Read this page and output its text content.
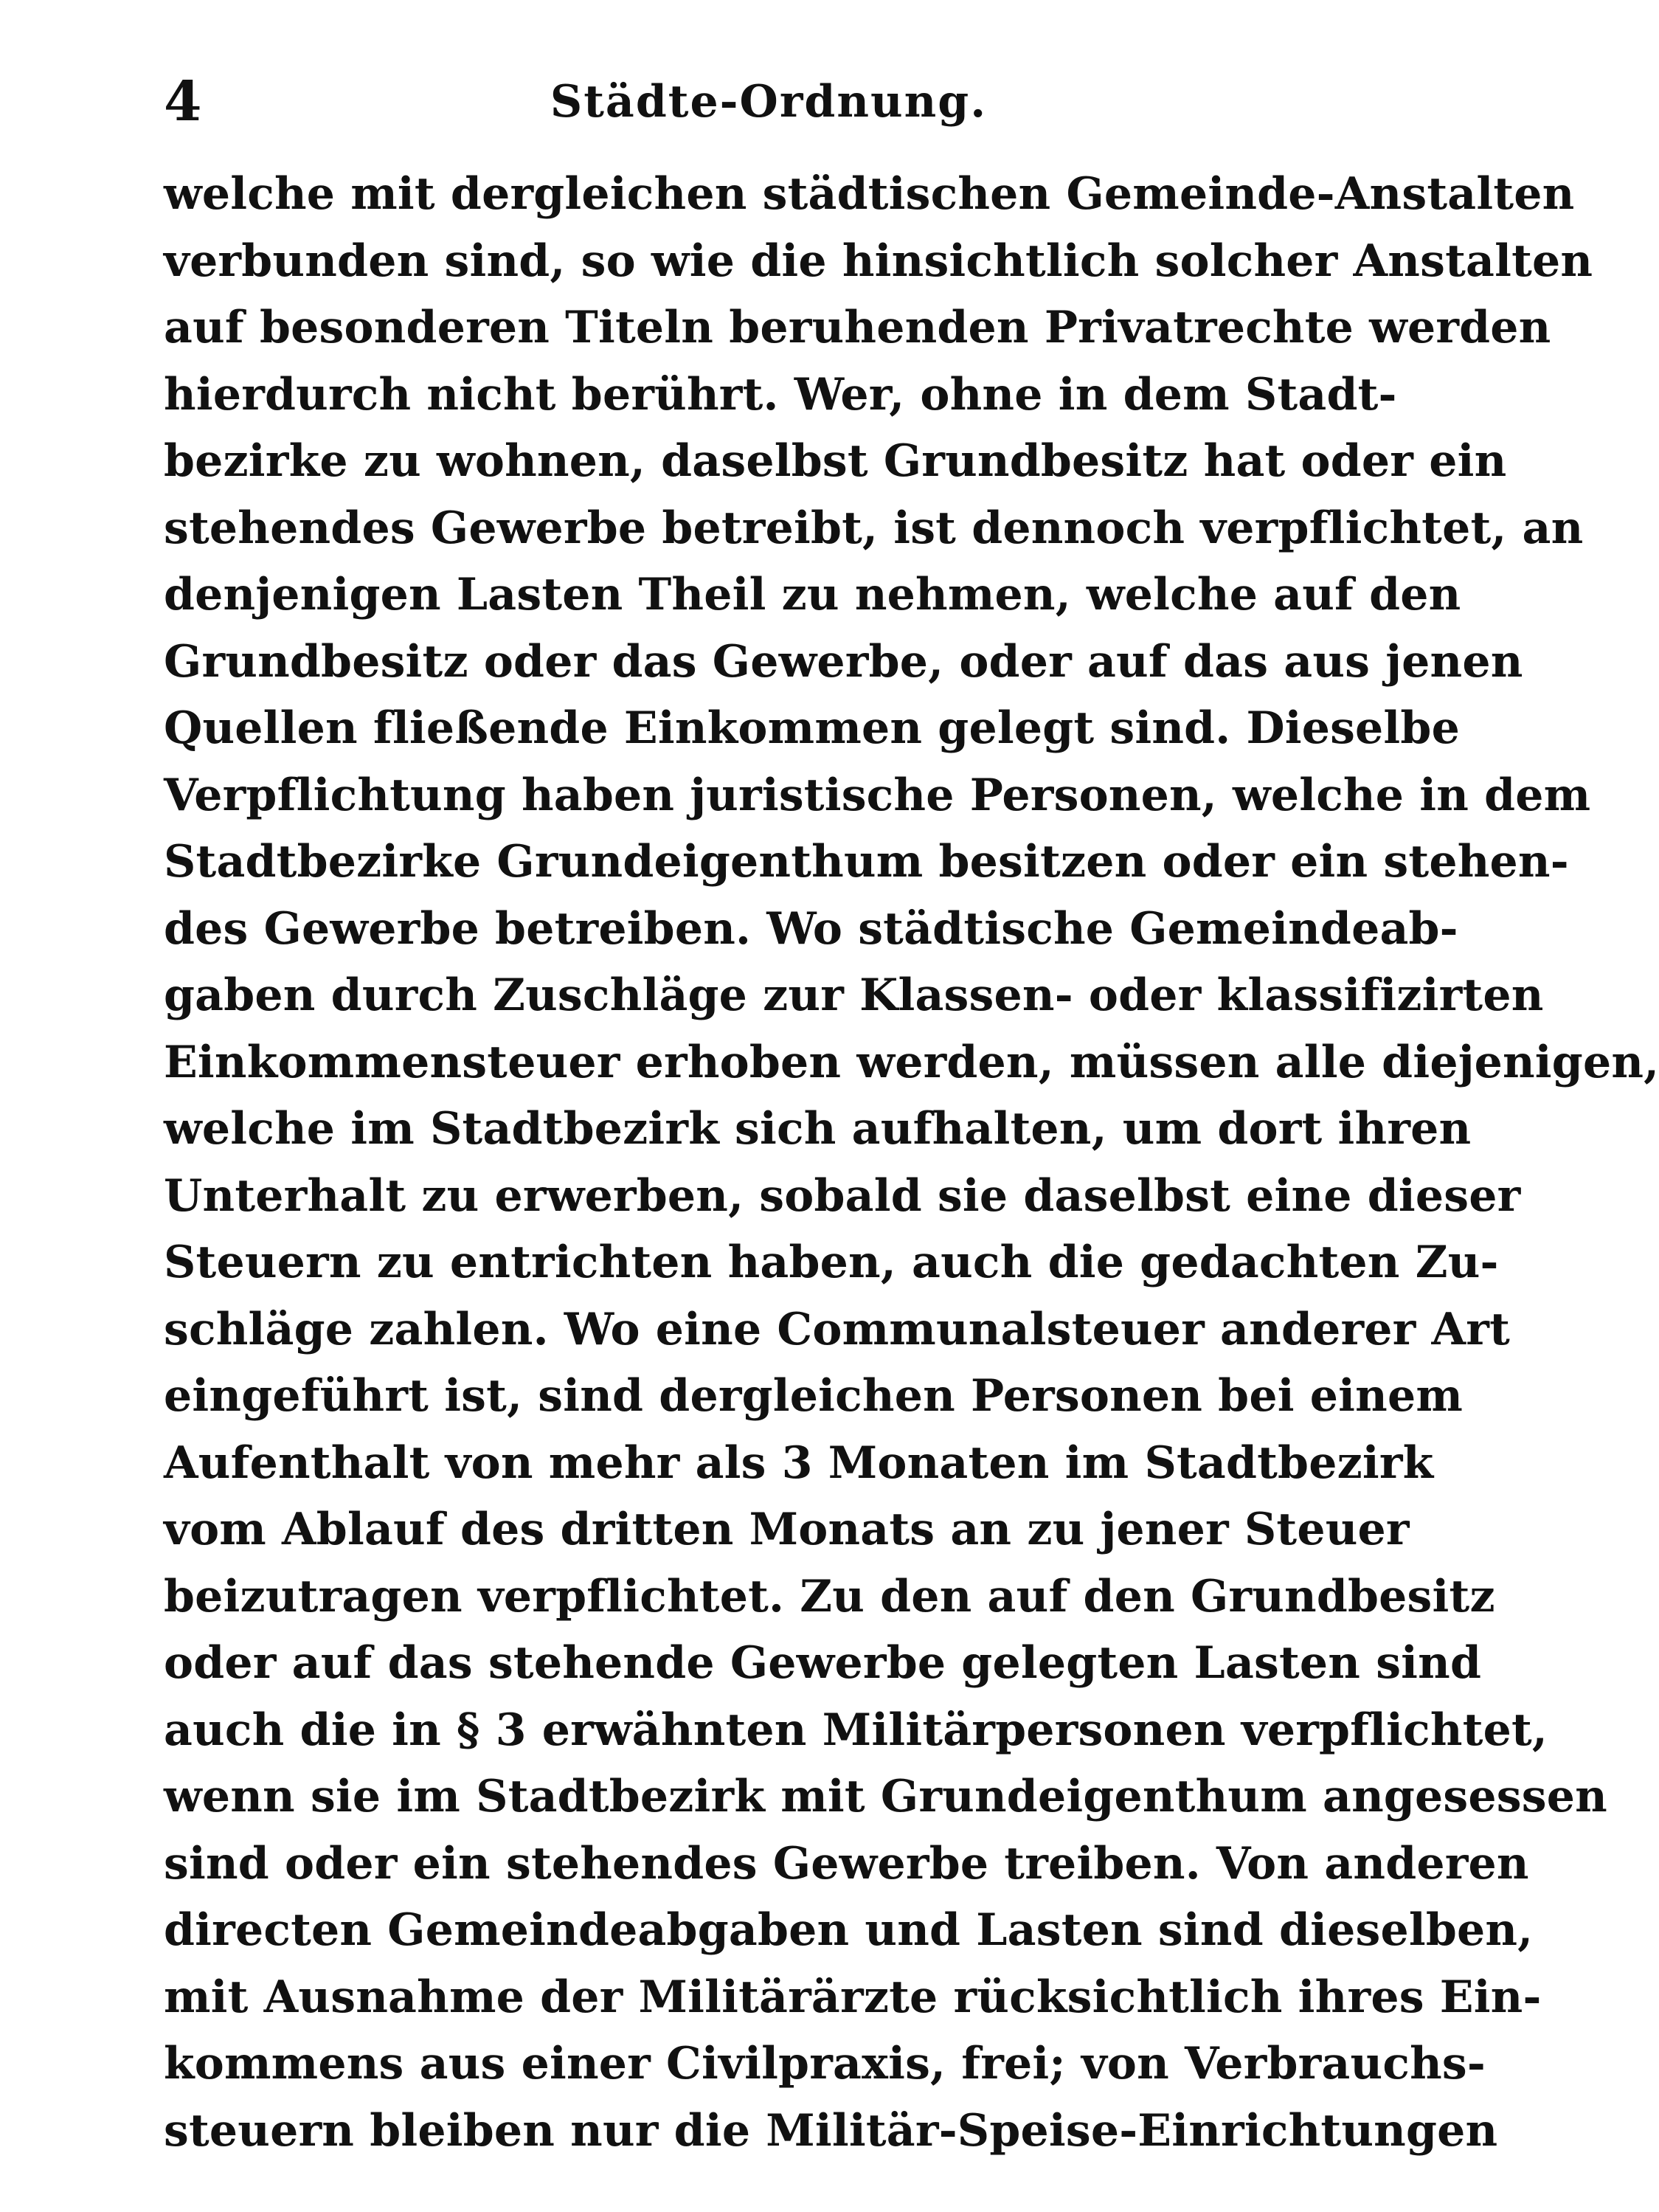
4	Städte-Ordnung.
welche mit dergleichen städtischen Gemeinde-Anstalten
verbunden sind, so wie die hinsichtlich solcher Anstalten
auf besonderen Titeln beruhenden Privatrechte werden
hierdurch nicht berührt. Wer, ohne in dem Stadt-
bezirke zu wohnen, daselbst Grundbesitz hat oder ein
stehendes Gewerbe betreibt, ist dennoch verpflichtet, an
denjenigen Lasten Theil zu nehmen, welche auf den
Grundbesitz oder das Gewerbe, oder auf das aus jenen
Quellen fließende Einkommen gelegt sind. Dieselbe
Verpflichtung haben juristische Personen, welche in dem
Stadtbezirke Grundeigenthum besitzen oder ein stehen-
des Gewerbe betreiben. Wo städtische Gemeindeab-
gaben durch Zuschläge zur Klassen- oder klassifizirten
Einkommensteuer erhoben werden, müssen alle diejenigen,
welche im Stadtbezirk sich aufhalten, um dort ihren
Unterhalt zu erwerben, sobald sie daselbst eine dieser
Steuern zu entrichten haben, auch die gedachten Zu-
schläge zahlen. Wo eine Communalsteuer anderer Art
eingeführt ist, sind dergleichen Personen bei einem
Aufenthalt von mehr als 3 Monaten im Stadtbezirk
vom Ablauf des dritten Monats an zu jener Steuer
beizutragen verpflichtet. Zu den auf den Grundbesitz
oder auf das stehende Gewerbe gelegten Lasten sind
auch die in § 3 erwähnten Militärpersonen verpflichtet,
wenn sie im Stadtbezirk mit Grundeigenthum angesessen
sind oder ein stehendes Gewerbe treiben. Von anderen
directen Gemeindeabgaben und Lasten sind dieselben,
mit Ausnahme der Militärärzte rücksichtlich ihres Ein-
kommens aus einer Civilpraxis, frei; von Verbrauchs-
steuern bleiben nur die Militär-Speise-Einrichtungen
